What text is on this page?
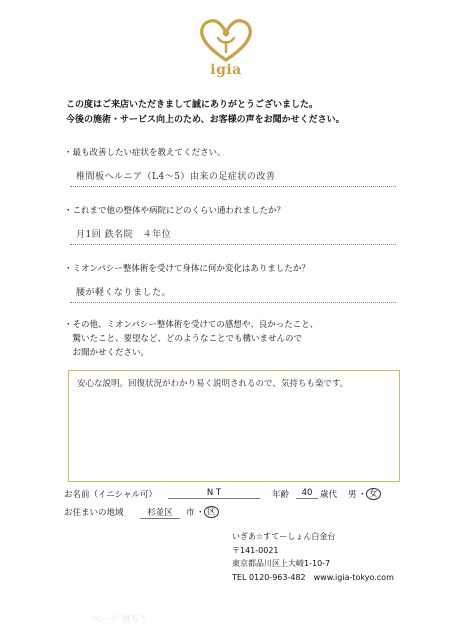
igia
この度はご来店いただきまして誠にありがとうございました。
今後の施術・サービス向上のため、お客様の声をお聞かせください。
・最も改善したい症状を教えてください。
椎間板ヘルニア（L4～5）由来の足症状の改善
・これまで他の整体や病院にどのくらい通われましたか？
月1回 鉄名院　４年位
・ミオンパシー整体術を受けて身体に何か変化はありましたか？
腰が軽くなりました。
・その他、ミオンパシー整体術を受けての感想や、良かったこと、
　驚いたこと、要望など、どのようなことでも構いませんので
　お聞かせください。
安心な説明。回復状況がわかり易く説明されるので、気持ちも楽です。
お名前（イニシャル可）	N T	年齢	40 歳代 男 ・ 女
お住まいの地域	杉並区	市 ・ 区
いぎあ☆すてーしょん白金台
〒141-0021
東京都品川区上大崎1-10-7
TEL 0120-963-482　www.igia-tokyo.com
ページ 裏写り
